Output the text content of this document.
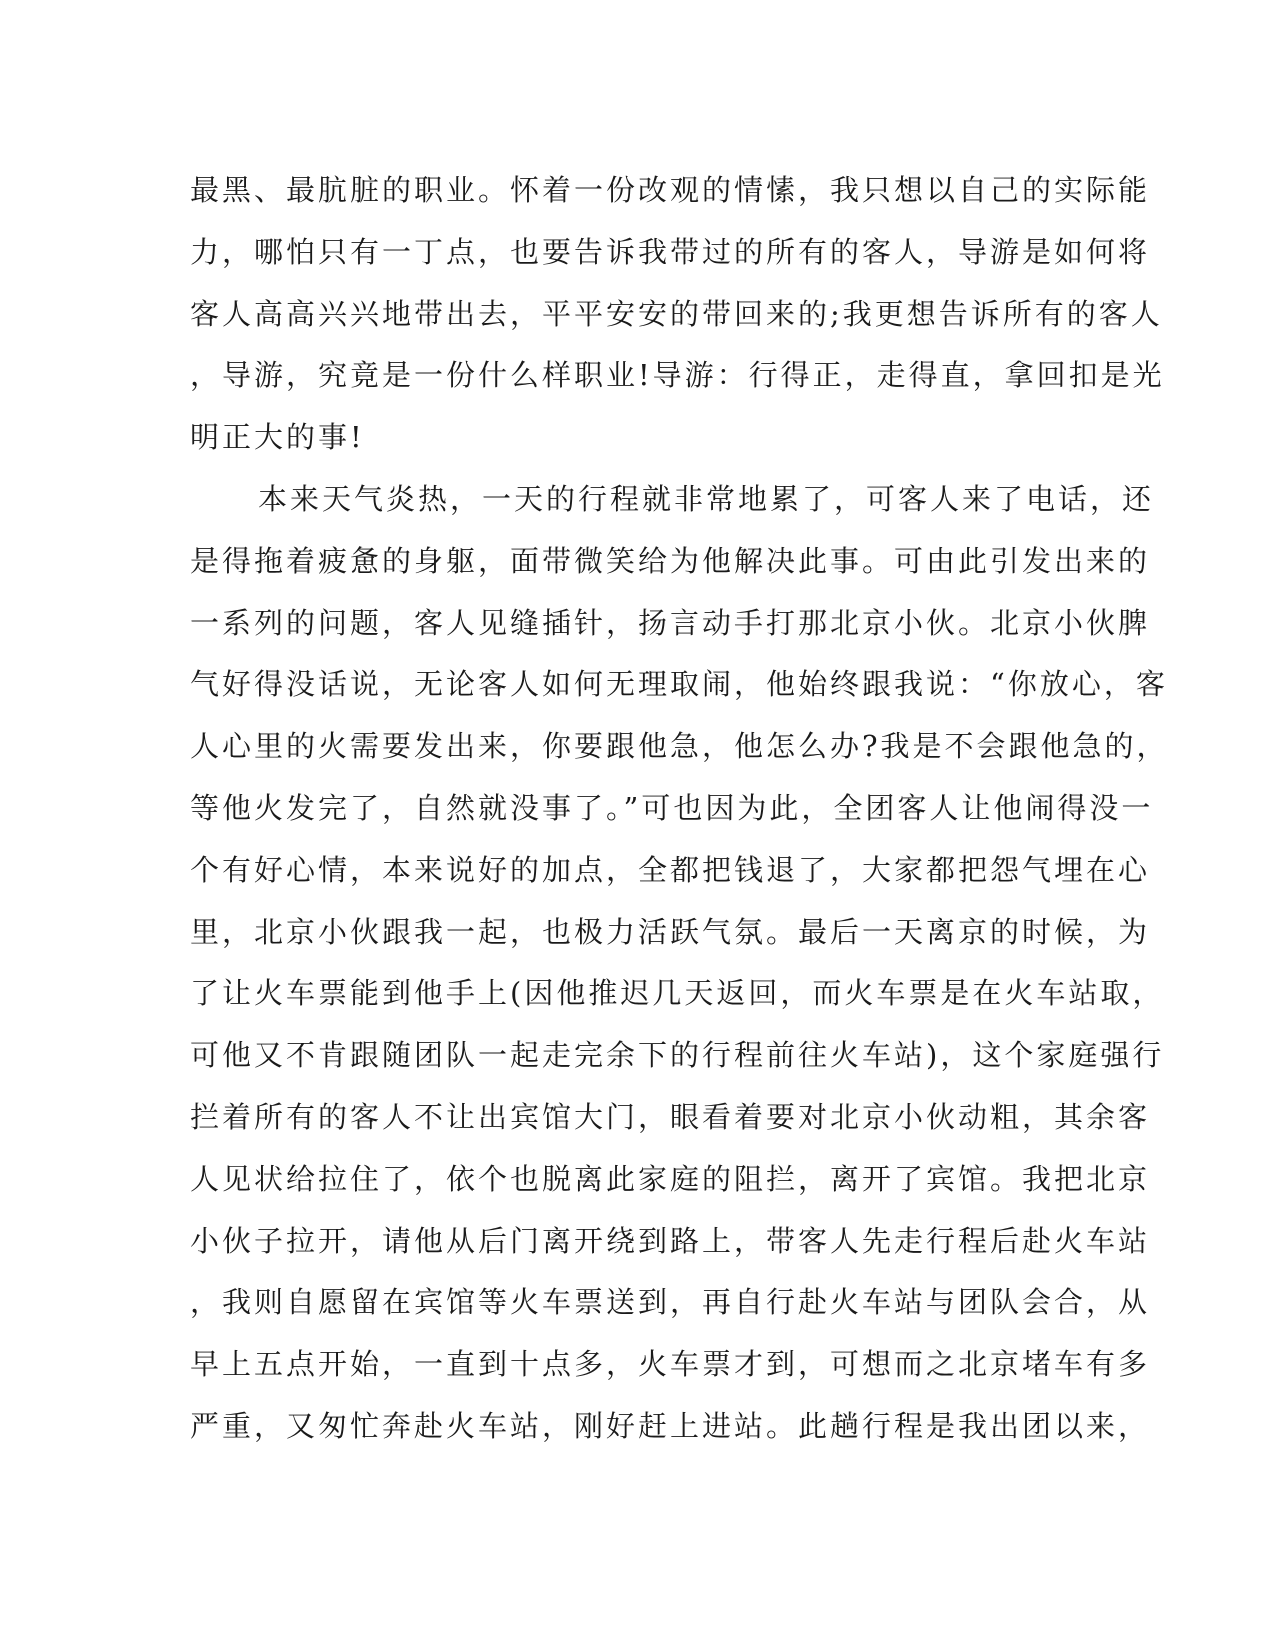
最黑、最肮脏的职业。怀着一份改观的情愫，我只想以自己的实际能
力，哪怕只有一丁点，也要告诉我带过的所有的客人，导游是如何将
客人高高兴兴地带出去，平平安安的带回来的;我更想告诉所有的客人
，导游，究竟是一份什么样职业!导游：行得正，走得直，拿回扣是光
明正大的事!
本来天气炎热，一天的行程就非常地累了，可客人来了电话，还
是得拖着疲惫的身躯，面带微笑给为他解决此事。可由此引发出来的
一系列的问题，客人见缝插针，扬言动手打那北京小伙。北京小伙脾
气好得没话说，无论客人如何无理取闹，他始终跟我说：“你放心，客
人心里的火需要发出来，你要跟他急，他怎么办?我是不会跟他急的，
等他火发完了，自然就没事了。”可也因为此，全团客人让他闹得没一
个有好心情，本来说好的加点，全都把钱退了，大家都把怨气埋在心
里，北京小伙跟我一起，也极力活跃气氛。最后一天离京的时候，为
了让火车票能到他手上(因他推迟几天返回，而火车票是在火车站取，
可他又不肯跟随团队一起走完余下的行程前往火车站)，这个家庭强行
拦着所有的客人不让出宾馆大门，眼看着要对北京小伙动粗，其余客
人见状给拉住了，依个也脱离此家庭的阻拦，离开了宾馆。我把北京
小伙子拉开，请他从后门离开绕到路上，带客人先走行程后赴火车站
，我则自愿留在宾馆等火车票送到，再自行赴火车站与团队会合，从
早上五点开始，一直到十点多，火车票才到，可想而之北京堵车有多
严重，又匆忙奔赴火车站，刚好赶上进站。此趟行程是我出团以来，
